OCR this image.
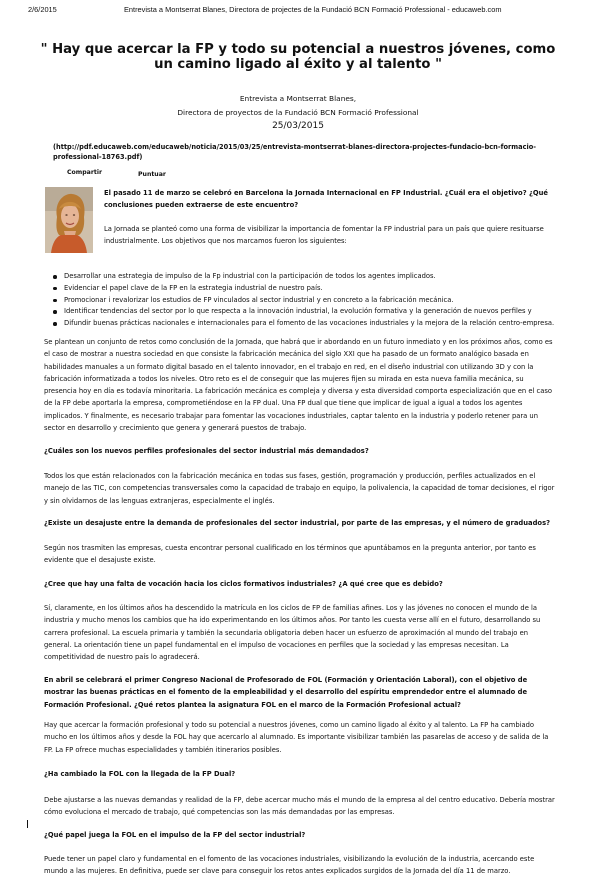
2/6/2015	Entrevista a Montserrat Blanes, Directora de projectes de la Fundació BCN Formació Professional - educaweb.com
" Hay que acercar la FP y todo su potencial a nuestros jóvenes, como un camino ligado al éxito y al talento "
Entrevista a Montserrat Blanes,
Directora de proyectos de la Fundació BCN Formació Professional
25/03/2015
(http://pdf.educaweb.com/educaweb/noticia/2015/03/25/entrevista-montserrat-blanes-directora-projectes-fundacio-bcn-formacio-professional-18763.pdf)
Compartir	Puntuar

El pasado 11 de marzo se celebró en Barcelona la Jornada Internacional en FP Industrial. ¿Cuál era el objetivo? ¿Qué conclusiones pueden extraerse de este encuentro?

La Jornada se planteó como una forma de visibilizar la importancia de fomentar la FP industrial para un país que quiere resituarse industrialmente. Los objetivos que nos marcamos fueron los siguientes:

Desarrollar una estrategia de impulso de la Fp industrial con la participación de todos los agentes implicados.
Evidenciar el papel clave de la FP en la estrategia industrial de nuestro país.
Promocionar i revalorizar los estudios de FP vinculados al sector industrial y en concreto a la fabricación mecánica.
Identificar tendencias del sector por lo que respecta a la innovación industrial, la evolución formativa y la generación de nuevos perfiles y
Difundir buenas prácticas nacionales e internacionales para el fomento de las vocaciones industriales y la mejora de la relación centro-empresa.

Se plantean un conjunto de retos como conclusión de la Jornada, que habrá que ir abordando en un futuro inmediato y en los próximos años, como es el caso de mostrar a nuestra sociedad en que consiste la fabricación mecánica del siglo XXI que ha pasado de un formato analógico basada en habilidades manuales a un formato digital basado en el talento innovador, en el trabajo en red, en el diseño industrial con utilizando 3D y con la fabricación informatizada a todos los niveles. Otro reto es el de conseguir que las mujeres fijen su mirada en esta nueva familia mecánica, su presencia hoy en día es todavía minoritaria. La fabricación mecánica es compleja y diversa y esta diversidad comporta especialización que en el caso de la FP debe aportarla la empresa, comprometiéndose en la FP dual. Una FP dual que tiene que implicar de igual a igual a todos los agentes implicados. Y finalmente, es necesario trabajar para fomentar las vocaciones industriales, captar talento en la industria y poderlo retener para un sector en desarrollo y crecimiento que genera y generará puestos de trabajo.

¿Cuáles son los nuevos perfiles profesionales del sector industrial más demandados?

Todos los que están relacionados con la fabricación mecánica en todas sus fases, gestión, programación y producción, perfiles actualizados en el manejo de las TIC, con competencias transversales como la capacidad de trabajo en equipo, la polivalencia, la capacidad de tomar decisiones, el rigor y sin olvidarnos de las lenguas extranjeras, especialmente el inglés.

¿Existe un desajuste entre la demanda de profesionales del sector industrial, por parte de las empresas, y el número de graduados?

Según nos trasmiten las empresas, cuesta encontrar personal cualificado en los términos que apuntábamos en la pregunta anterior, por tanto es evidente que el desajuste existe.

¿Cree que hay una falta de vocación hacia los ciclos formativos industriales? ¿A qué cree que es debido?

Sí, claramente, en los últimos años ha descendido la matrícula en los ciclos de FP de familias afines. Los y las jóvenes no conocen el mundo de la industria y mucho menos los cambios que ha ido experimentando en los últimos años. Por tanto les cuesta verse allí en el futuro, desarrollando su carrera profesional. La escuela primaria y también la secundaria obligatoria deben hacer un esfuerzo de aproximación al mundo del trabajo en general. La orientación tiene un papel fundamental en el impulso de vocaciones en perfiles que la sociedad y las empresas necesitan. La competitividad de nuestro país lo agradecerá.

En abril se celebrará el primer Congreso Nacional de Profesorado de FOL (Formación y Orientación Laboral), con el objetivo de mostrar las buenas prácticas en el fomento de la empleabilidad y el desarrollo del espíritu emprendedor entre el alumnado de Formación Profesional. ¿Qué retos plantea la asignatura FOL en el marco de la Formación Profesional actual?

Hay que acercar la formación profesional y todo su potencial a nuestros jóvenes, como un camino ligado al éxito y al talento. La FP ha cambiado mucho en los últimos años y desde la FOL hay que acercarlo al alumnado. Es importante visibilizar también las pasarelas de acceso y de salida de la FP. La FP ofrece muchas especialidades y también itinerarios posibles.

¿Ha cambiado la FOL con la llegada de la FP Dual?

Debe ajustarse a las nuevas demandas y realidad de la FP, debe acercar mucho más el mundo de la empresa al del centro educativo. Debería mostrar cómo evoluciona el mercado de trabajo, qué competencias son las más demandadas por las empresas.

¿Qué papel juega la FOL en el impulso de la FP del sector industrial?

Puede tener un papel claro y fundamental en el fomento de las vocaciones industriales, visibilizando la evolución de la industria, acercando este mundo a las mujeres. En definitiva, puede ser clave para conseguir los retos antes explicados surgidos de la Jornada del día 11 de marzo.
